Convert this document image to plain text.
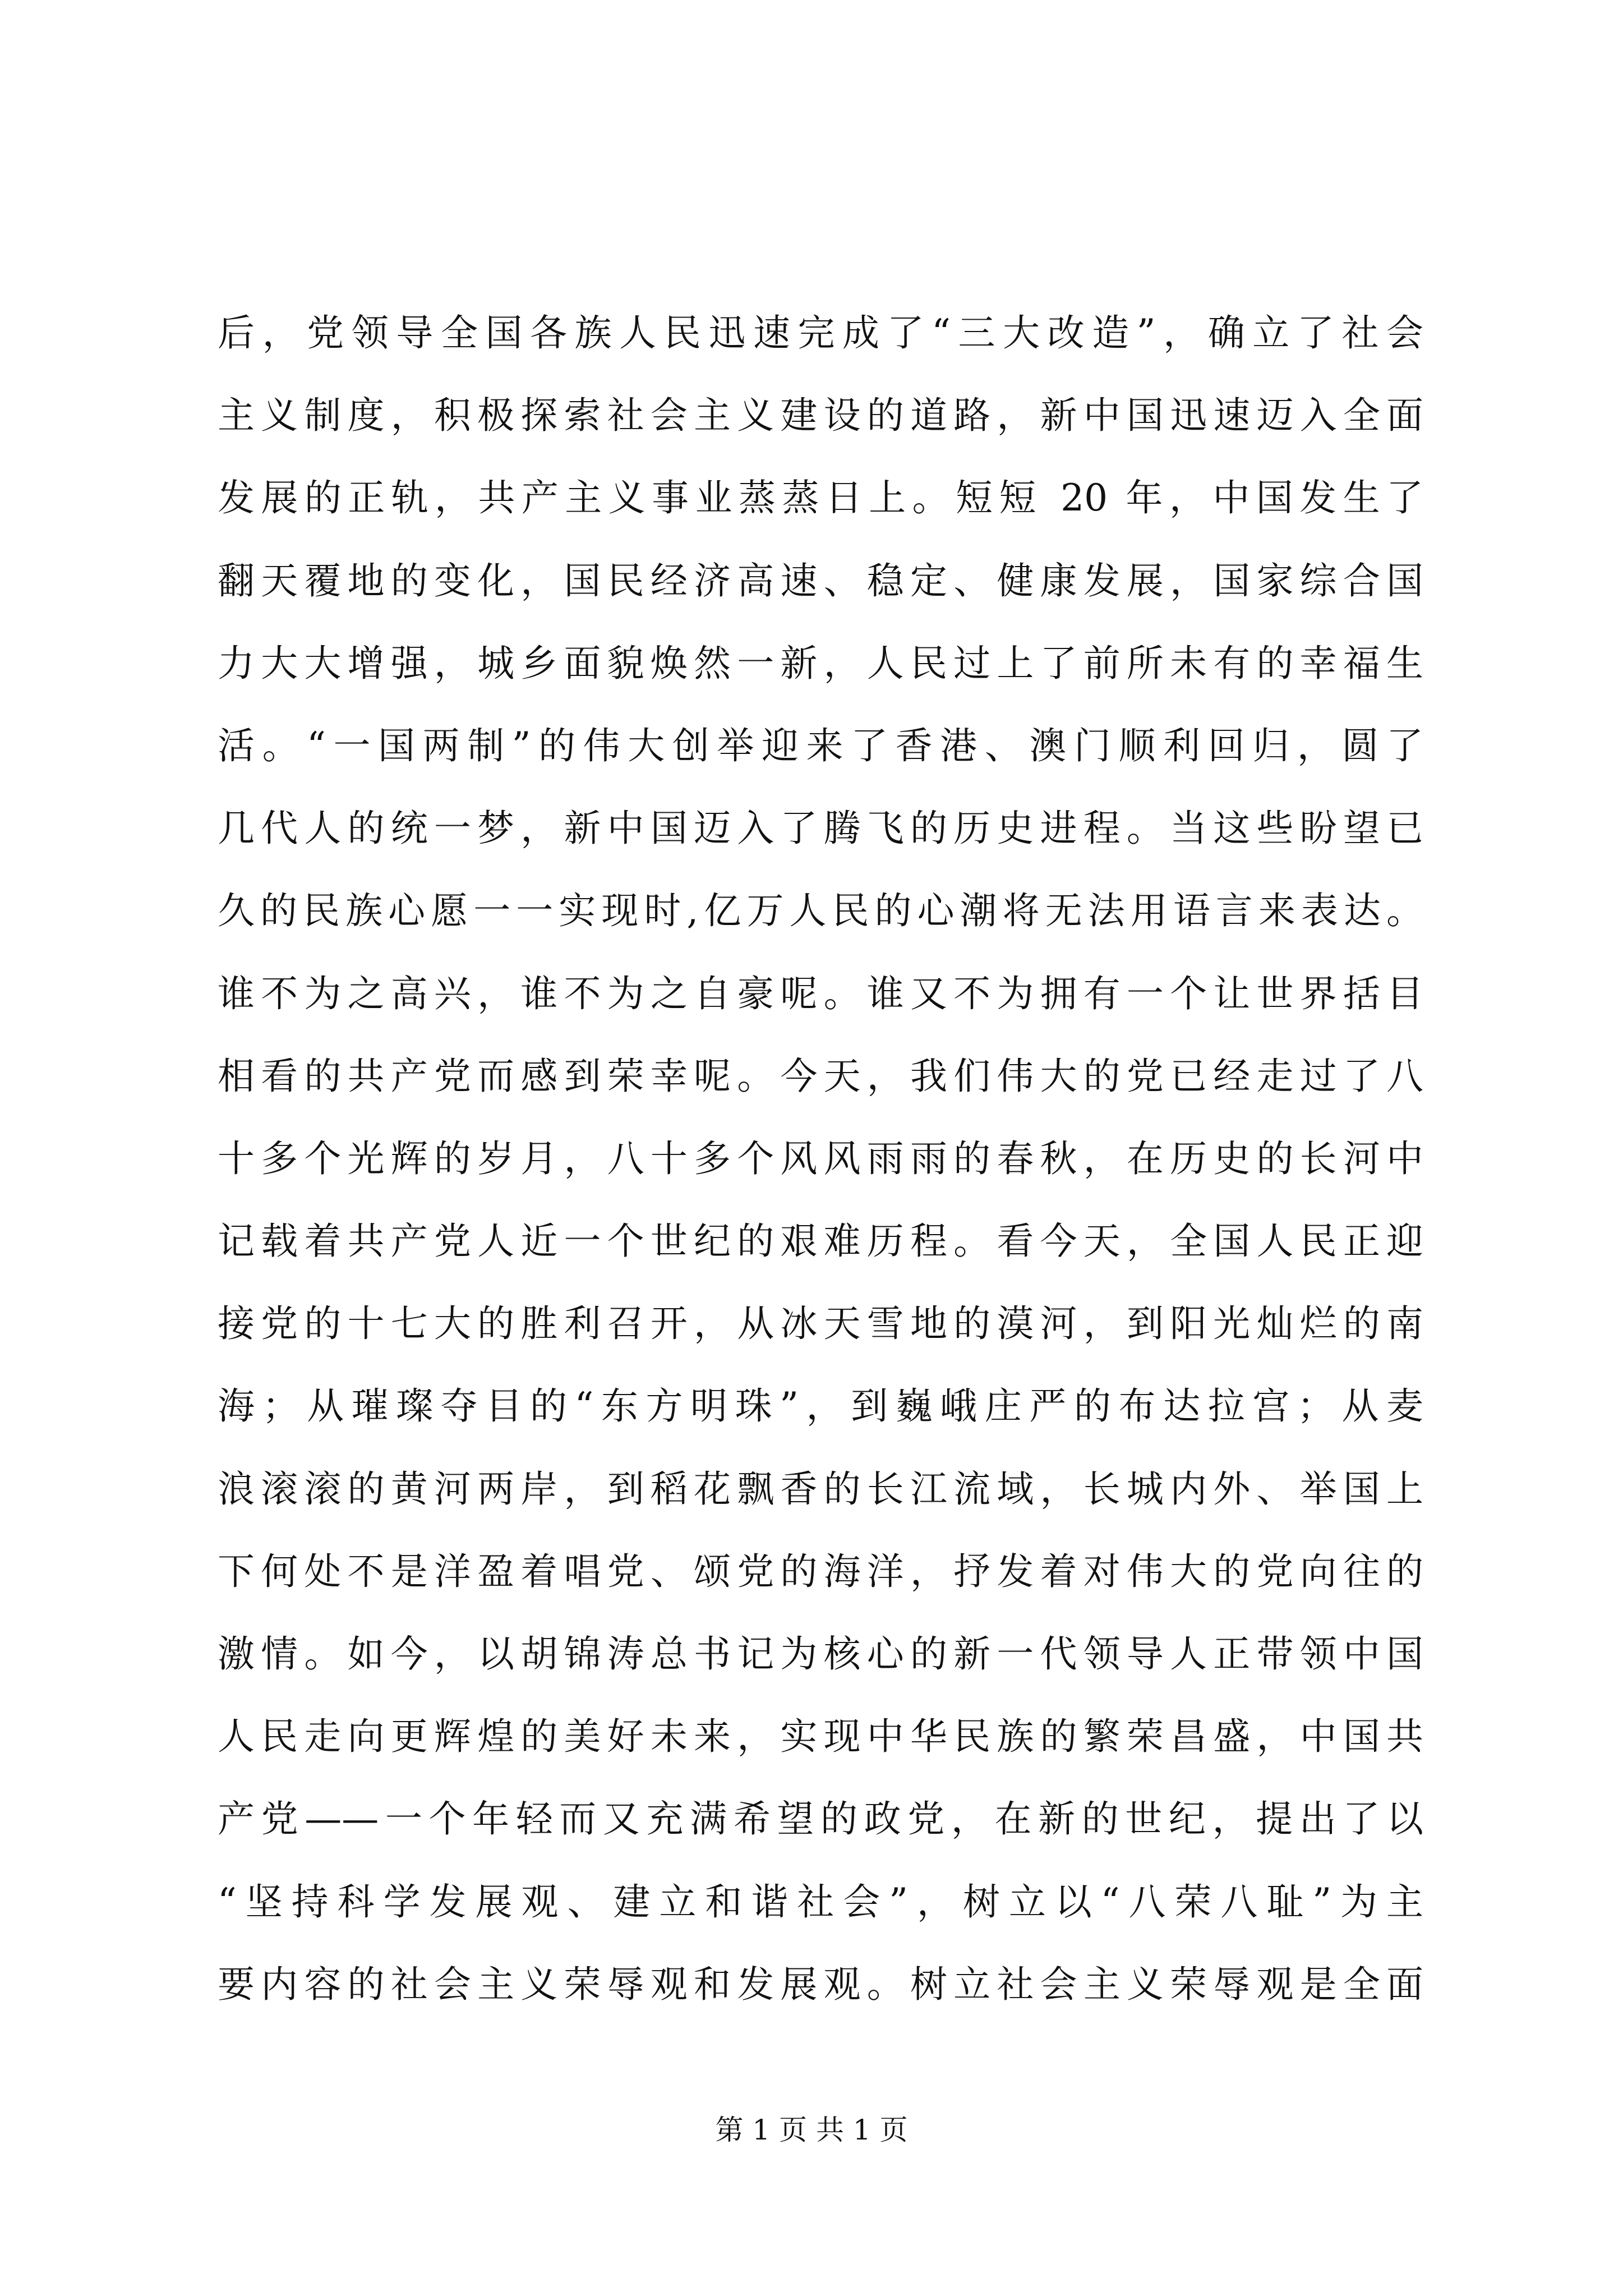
后，党领导全国各族人民迅速完成了“三大改造”，确立了社会
主义制度，积极探索社会主义建设的道路，新中国迅速迈入全面
发展的正轨，共产主义事业蒸蒸日上。短短 20 年，中国发生了
翻天覆地的变化，国民经济高速、稳定、健康发展，国家综合国
力大大增强，城乡面貌焕然一新，人民过上了前所未有的幸福生
活。“一国两制”的伟大创举迎来了香港、澳门顺利回归，圆了
几代人的统一梦，新中国迈入了腾飞的历史进程。当这些盼望已
久的民族心愿一一实现时,亿万人民的心潮将无法用语言来表达。
谁不为之高兴，谁不为之自豪呢。谁又不为拥有一个让世界括目
相看的共产党而感到荣幸呢。今天，我们伟大的党已经走过了八
十多个光辉的岁月，八十多个风风雨雨的春秋，在历史的长河中
记载着共产党人近一个世纪的艰难历程。看今天，全国人民正迎
接党的十七大的胜利召开，从冰天雪地的漠河，到阳光灿烂的南
海；从璀璨夺目的“东方明珠”，到巍峨庄严的布达拉宫；从麦
浪滚滚的黄河两岸，到稻花飘香的长江流域，长城内外、举国上
下何处不是洋盈着唱党、颂党的海洋，抒发着对伟大的党向往的
激情。如今，以胡锦涛总书记为核心的新一代领导人正带领中国
人民走向更辉煌的美好未来，实现中华民族的繁荣昌盛，中国共
产党——一个年轻而又充满希望的政党，在新的世纪，提出了以
“坚持科学发展观、建立和谐社会”，树立以“八荣八耻”为主
要内容的社会主义荣辱观和发展观。树立社会主义荣辱观是全面
第 1 页 共 1 页
